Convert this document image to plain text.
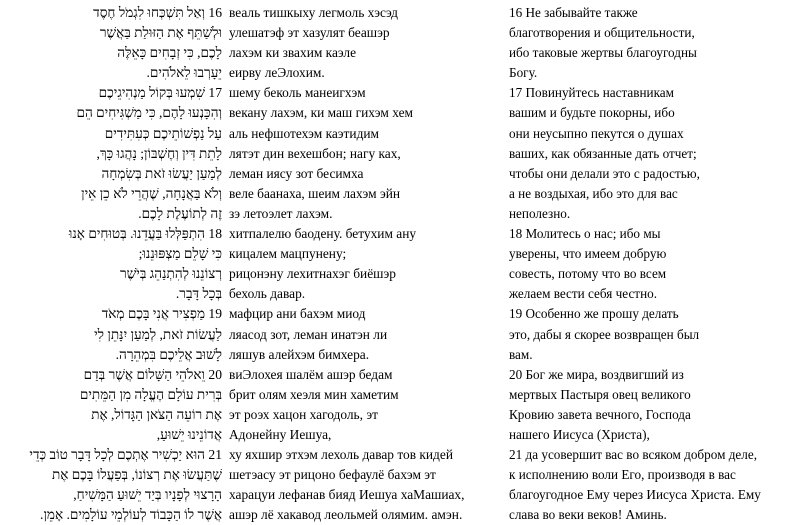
16 וְאַל תִּשְׁכְּחוּ לִגְמֹל חֶסֶד
וּלְשַׁתֵּף אֶת הַזּוּלַת בַּאֲשֶׁר
לָכֶם, כִּי זְבָחִים כָּאֵלֶּה
יֵעָרְבוּ לֵאלֹהִים.
17 שִׁמְעוּ בְּקוֹל מַנְהִיגֵיכֶם
וְהִכָּנְעוּ לָהֶם, כִּי מַשְׁגִּיחִים הֵם
עַל נַפְשׁוֹתֵיכֶם כְּעִתִּידִים
לָתֵת דִּין וְחֶשְׁבּוֹן; נָהֲגוּ כָּךְ,
לְמַעַן יַעֲשׂוּ זֹאת בְּשִׂמְחָה
וְלֹא בַּאֲנָחָה, שֶׁהֲרֵי לֹא כֵן אֵין
זֶה לְתוֹעֶלֶת לָכֶם.
18 הִתְפַּלְּלוּ בַּעֲדֵנוּ. בְּטוּחִים אָנוּ
כִּי שָׁלֵם מַצְפּוּנֵנוּ;
רְצוֹנֵנוּ לְהִתְנַהֵג בְּיֹשֶׁר
בְּכָל דָּבָר.
19 מַפְצִיר אֲנִי בָּכֶם מְאֹד
לַעֲשׂוֹת זֹאת, לְמַעַן יִנָּתֵן לִי
לָשׁוּב אֲלֵיכֶם בִּמְהֵרָה.
20 וֵאלֹהֵי הַשָּׁלוֹם אֲשֶׁר בְּדַם
בְּרִית עוֹלָם הֶעֱלָה מִן הַמֵּתִים
אֶת רוֹעֵה הַצֹּאן הַגָּדוֹל, אֶת
אֲדוֹנֵינוּ יֵשׁוּעַ,
21 הוּא יַכְשִׁיר אֶתְכֶם לְכָל דָּבָר טוֹב כְּדֵי
שֶׁתַּעֲשׂוּ אֶת רְצוֹנוֹ, בְּפַעֲלוֹ בָּכֶם אֶת
הָרָצוּי לְפָנָיו בְּיַד יֵשׁוּעַ הַמָּשִׁיחַ,
אֲשֶׁר לוֹ הַכָּבוֹד לְעוֹלְמֵי עוֹלָמִים. אָמֵן.
веаль тишкыху легмоль хэсэд
улешатэф эт хазулят беашэр
лахэм ки звахим каэле
еирву леЭлохим.
шему беколь манеигхэм
векану лахэм, ки маш гихэм хем
аль нефшотехэм каэтидим
лятэт дин вехешбон; нагу ках,
леман иясу зот бесимха
веле баанаха, шеим лахэм эйн
зэ летоэлет лахэм.
хитпалелю баодену. бетухим ану
кицалем мацпунену;
рицонэну лехитнахэг биёшэр
бехоль давар.
мафцир ани бахэм миод
ляасод зот, леман инатэн ли
ляшув алейхэм бимхера.
виЭлохея шалём ашэр бедам
брит олям хеэля мин хаметим
эт роэх хацон хагодоль, эт
Адонейну Иешуа,
ху яхшир этхэм лехоль давар тов кидей
шетэасу эт рицоно бефаулё бахэм эт
харацуи лефанав бияд Иешуа хаМашиах,
ашэр лё хакавод леольмей олямим. амэн.
16 Не забывайте также
благотворения и общительности,
ибо таковые жертвы благоугодны
Богу.
17 Повинуйтесь наставникам
вашим и будьте покорны, ибо
они неусыпно пекутся о душах
ваших, как обязанные дать отчет;
чтобы они делали это с радостью,
а не воздыхая, ибо это для вас
неполезно.
18 Молитесь о нас; ибо мы
уверены, что имеем добрую
совесть, потому что во всем
желаем вести себя честно.
19 Особенно же прошу делать
это, дабы я скорее возвращен был
вам.
20 Бог же мира, воздвигший из
мертвых Пастыря овец великого
Кровию завета вечного, Господа
нашего Иисуса (Христа),
21 да усовершит вас во всяком добром деле,
к исполнению воли Его, производя в вас
благоугодное Ему через Иисуса Христа. Ему
слава во веки веков! Аминь.
